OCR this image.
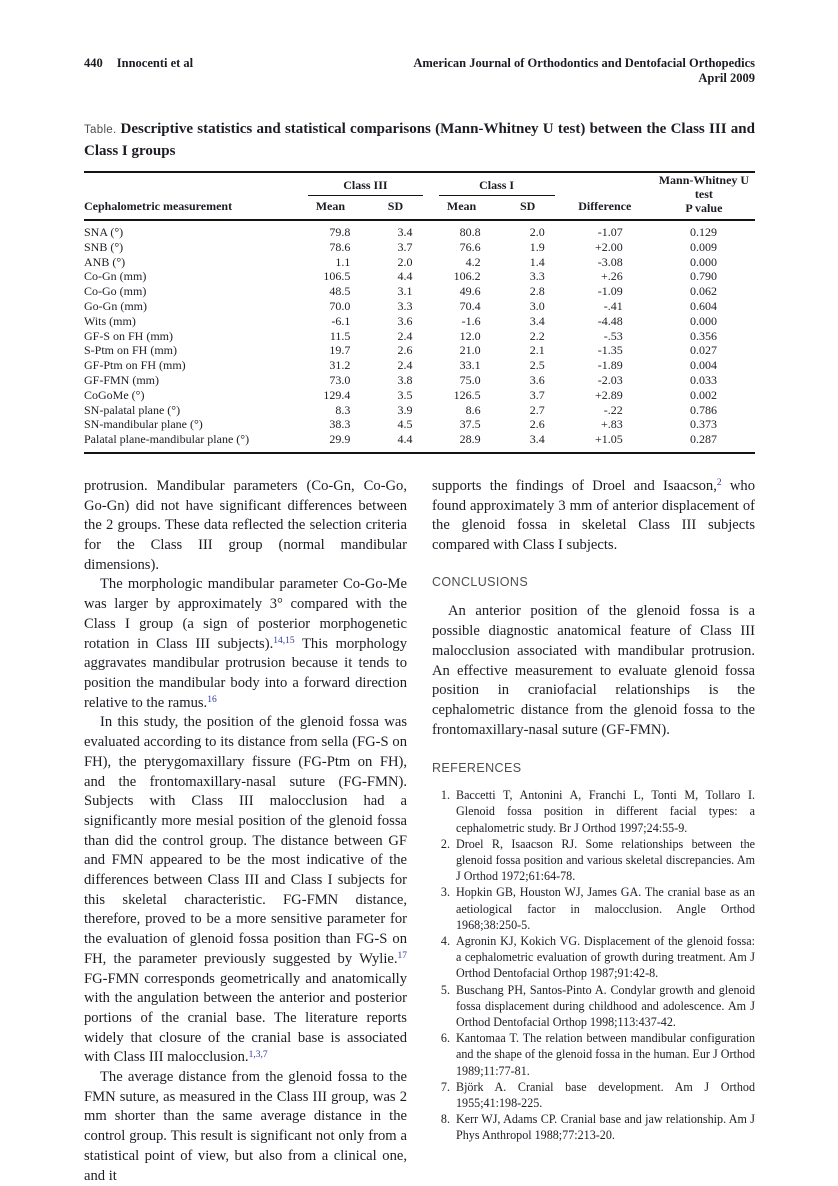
440 Innocenti et al	American Journal of Orthodontics and Dentofacial Orthopedics
April 2009
Table. Descriptive statistics and statistical comparisons (Mann-Whitney U test) between the Class III and Class I groups
Cephalometric measurement	Class III		Class I		Difference	Mann-Whitney U test
P value

	Mean	SD	Mean	SD		
SNA (°)	79.8	3.4	80.8	2.0	-1.07	0.129
SNB (°)	78.6	3.7	76.6	1.9	+2.00	0.009
ANB (°)	1.1	2.0	4.2	1.4	-3.08	0.000
Co-Gn (mm)	106.5	4.4	106.2	3.3	+.26	0.790
Co-Go (mm)	48.5	3.1	49.6	2.8	-1.09	0.062
Go-Gn (mm)	70.0	3.3	70.4	3.0	-.41	0.604
Wits (mm)	-6.1	3.6	-1.6	3.4	-4.48	0.000
GF-S on FH (mm)	11.5	2.4	12.0	2.2	-.53	0.356
S-Ptm on FH (mm)	19.7	2.6	21.0	2.1	-1.35	0.027
GF-Ptm on FH (mm)	31.2	2.4	33.1	2.5	-1.89	0.004
GF-FMN (mm)	73.0	3.8	75.0	3.6	-2.03	0.033
CoGoMe (°)	129.4	3.5	126.5	3.7	+2.89	0.002
SN-palatal plane (°)	8.3	3.9	8.6	2.7	-.22	0.786
SN-mandibular plane (°)	38.3	4.5	37.5	2.6	+.83	0.373
Palatal plane-mandibular plane (°)	29.9	4.4	28.9	3.4	+1.05	0.287

protrusion. Mandibular parameters (Co-Gn, Co-Go, Go-Gn) did not have significant differences between the 2 groups. These data reflected the selection criteria for the Class III group (normal mandibular dimensions).

The morphologic mandibular parameter Co-Go-Me was larger by approximately 3° compared with the Class I group (a sign of posterior morphogenetic rotation in Class III subjects).$^{14,15}$ This morphology aggravates mandibular protrusion because it tends to position the mandibular body into a forward direction relative to the ramus.$^{16}$

In this study, the position of the glenoid fossa was evaluated according to its distance from sella (FG-S on FH), the pterygomaxillary fissure (FG-Ptm on FH), and the frontomaxillary-nasal suture (FG-FMN). Subjects with Class III malocclusion had a significantly more mesial position of the glenoid fossa than did the control group. The distance between GF and FMN appeared to be the most indicative of the differences between Class III and Class I subjects for this skeletal characteristic. FG-FMN distance, therefore, proved to be a more sensitive parameter for the evaluation of glenoid fossa position than FG-S on FH, the parameter previously suggested by Wylie.$^{17}$ FG-FMN corresponds geometrically and anatomically with the angulation between the anterior and posterior portions of the cranial base. The literature reports widely that closure of the cranial base is associated with Class III malocclusion.$^{1,3,7}$

The average distance from the glenoid fossa to the FMN suture, as measured in the Class III group, was 2 mm shorter than the same average distance in the control group. This result is significant not only from a statistical point of view, but also from a clinical one, and it

supports the findings of Droel and Isaacson,$^2$ who found approximately 3 mm of anterior displacement of the glenoid fossa in skeletal Class III subjects compared with Class I subjects.

CONCLUSIONS

An anterior position of the glenoid fossa is a possible diagnostic anatomical feature of Class III malocclusion associated with mandibular protrusion. An effective measurement to evaluate glenoid fossa position in craniofacial relationships is the cephalometric distance from the glenoid fossa to the frontomaxillary-nasal suture (GF-FMN).

REFERENCES
1. Baccetti T, Antonini A, Franchi L, Tonti M, Tollaro I. Glenoid fossa position in different facial types: a cephalometric study. Br J Orthod 1997;24:55-9.
2. Droel R, Isaacson RJ. Some relationships between the glenoid fossa position and various skeletal discrepancies. Am J Orthod 1972;61:64-78.
3. Hopkin GB, Houston WJ, James GA. The cranial base as an aetiological factor in malocclusion. Angle Orthod 1968;38:250-5.
4. Agronin KJ, Kokich VG. Displacement of the glenoid fossa: a cephalometric evaluation of growth during treatment. Am J Orthod Dentofacial Orthop 1987;91:42-8.
5. Buschang PH, Santos-Pinto A. Condylar growth and glenoid fossa displacement during childhood and adolescence. Am J Orthod Dentofacial Orthop 1998;113:437-42.
6. Kantomaa T. The relation between mandibular configuration and the shape of the glenoid fossa in the human. Eur J Orthod 1989;11:77-81.
7. Björk A. Cranial base development. Am J Orthod 1955;41:198-225.
8. Kerr WJ, Adams CP. Cranial base and jaw relationship. Am J Phys Anthropol 1988;77:213-20.
